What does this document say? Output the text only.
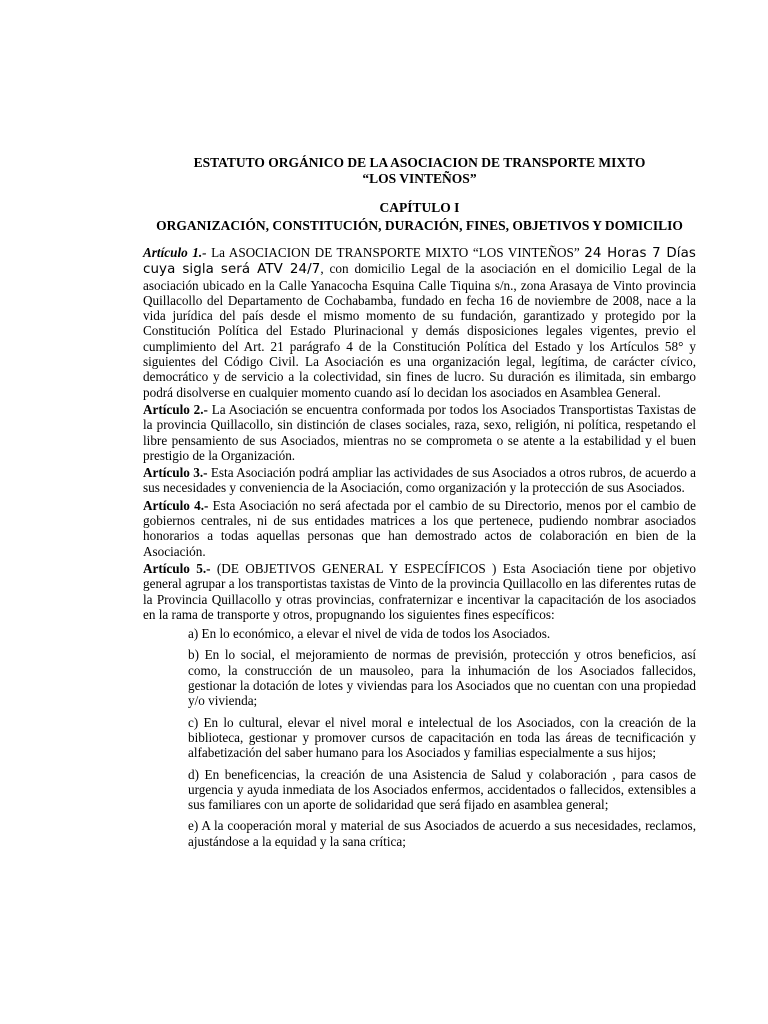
ESTATUTO ORGÁNICO DE LA ASOCIACION DE TRANSPORTE MIXTO
“LOS VINTEÑOS”

CAPÍTULO I

ORGANIZACIÓN, CONSTITUCIÓN, DURACIÓN, FINES, OBJETIVOS Y DOMICILIO

Artículo 1.- La ASOCIACION DE TRANSPORTE MIXTO “LOS VINTEÑOS” 24 Horas 7 Días cuya sigla será ATV 24/7, con domicilio Legal de la asociación en el domicilio Legal de la asociación ubicado en la Calle Yanacocha Esquina Calle Tiquina s/n., zona Arasaya de Vinto provincia Quillacollo del Departamento de Cochabamba, fundado en fecha 16 de noviembre de 2008, nace a la vida jurídica del país desde el mismo momento de su fundación, garantizado y protegido por la Constitución Política del Estado Plurinacional y demás disposiciones legales vigentes, previo el cumplimiento del Art. 21 parágrafo 4 de la Constitución Política del Estado y los Artículos 58° y siguientes del Código Civil. La Asociación es una organización legal, legítima, de carácter cívico, democrático y de servicio a la colectividad, sin fines de lucro. Su duración es ilimitada, sin embargo podrá disolverse en cualquier momento cuando así lo decidan los asociados en Asamblea General.

Artículo 2.- La Asociación se encuentra conformada por todos los Asociados Transportistas Taxistas de la provincia Quillacollo, sin distinción de clases sociales, raza, sexo, religión, ni política, respetando el libre pensamiento de sus Asociados, mientras no se comprometa o se atente a la estabilidad y el buen prestigio de la Organización.

Artículo 3.- Esta Asociación podrá ampliar las actividades de sus Asociados a otros rubros, de acuerdo a sus necesidades y conveniencia de la Asociación, como organización y la protección de sus Asociados.

Artículo 4.- Esta Asociación no será afectada por el cambio de su Directorio, menos por el cambio de gobiernos centrales, ni de sus entidades matrices a los que pertenece, pudiendo nombrar asociados honorarios a todas aquellas personas que han demostrado actos de colaboración en bien de la Asociación.

Artículo 5.- (DE OBJETIVOS GENERAL Y ESPECÍFICOS ) Esta Asociación tiene por objetivo general agrupar a los transportistas taxistas de Vinto de la provincia Quillacollo en las diferentes rutas de la Provincia Quillacollo y otras provincias, confraternizar e incentivar la capacitación de los asociados en la rama de transporte y otros, propugnando los siguientes fines específicos:

a) En lo económico, a elevar el nivel de vida de todos los Asociados.

b) En lo social, el mejoramiento de normas de previsión, protección y otros beneficios, así como, la construcción de un mausoleo, para la inhumación de los Asociados fallecidos, gestionar la dotación de lotes y viviendas para los Asociados que no cuentan con una propiedad y/o vivienda;

c) En lo cultural, elevar el nivel moral e intelectual de los Asociados, con la creación de la biblioteca, gestionar y promover cursos de capacitación en toda las áreas de tecnificación y alfabetización del saber humano para los Asociados y familias especialmente a sus hijos;

d) En beneficencias, la creación de una Asistencia de Salud y colaboración , para casos de urgencia y ayuda inmediata de los Asociados enfermos, accidentados o fallecidos, extensibles a sus familiares con un aporte de solidaridad que será fijado en asamblea general;

e) A la cooperación moral y material de sus Asociados de acuerdo a sus necesidades, reclamos, ajustándose a la equidad y la sana crítica;
